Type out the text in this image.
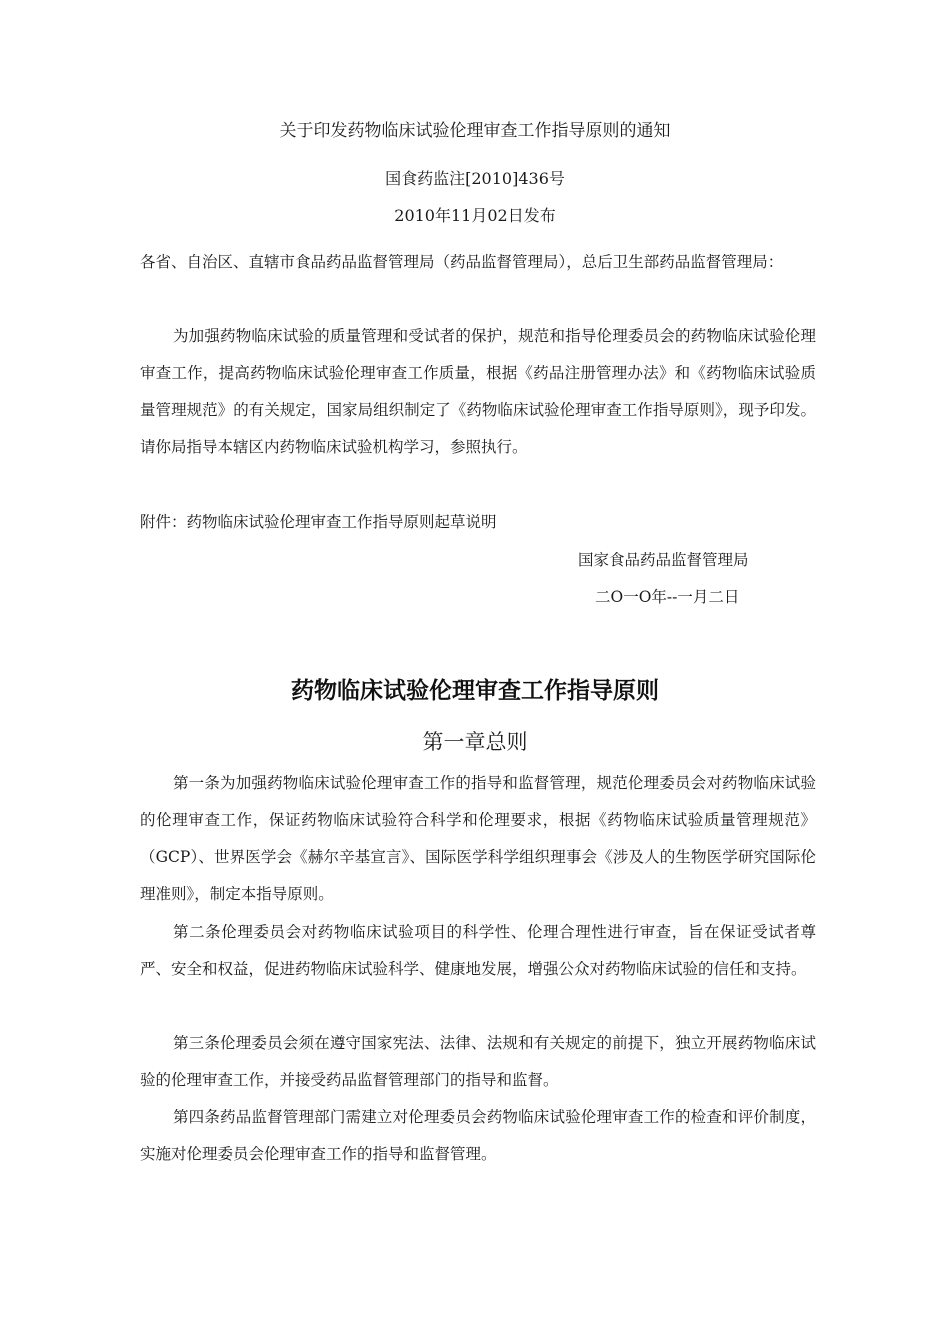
关于印发药物临床试验伦理审查工作指导原则的通知
国食药监注[2010]436号
2010年11月02日发布
各省、自治区、直辖市食品药品监督管理局（药品监督管理局），总后卫生部药品监督管理局：
为加强药物临床试验的质量管理和受试者的保护，规范和指导伦理委员会的药物临床试验伦理审查工作，提高药物临床试验伦理审查工作质量，根据《药品注册管理办法》和《药物临床试验质量管理规范》的有关规定，国家局组织制定了《药物临床试验伦理审查工作指导原则》，现予印发。请你局指导本辖区内药物临床试验机构学习，参照执行。
附件：药物临床试验伦理审查工作指导原则起草说明
国家食品药品监督管理局
二O一O年--一月二日
药物临床试验伦理审查工作指导原则
第一章总则
第一条为加强药物临床试验伦理审查工作的指导和监督管理，规范伦理委员会对药物临床试验的伦理审查工作，保证药物临床试验符合科学和伦理要求，根据《药物临床试验质量管理规范》（GCP）、世界医学会《赫尔辛基宣言》、国际医学科学组织理事会《涉及人的生物医学研究国际伦理准则》，制定本指导原则。
第二条伦理委员会对药物临床试验项目的科学性、伦理合理性进行审查，旨在保证受试者尊严、安全和权益，促进药物临床试验科学、健康地发展，增强公众对药物临床试验的信任和支持。
第三条伦理委员会须在遵守国家宪法、法律、法规和有关规定的前提下，独立开展药物临床试验的伦理审查工作，并接受药品监督管理部门的指导和监督。
第四条药品监督管理部门需建立对伦理委员会药物临床试验伦理审查工作的检查和评价制度，实施对伦理委员会伦理审查工作的指导和监督管理。
